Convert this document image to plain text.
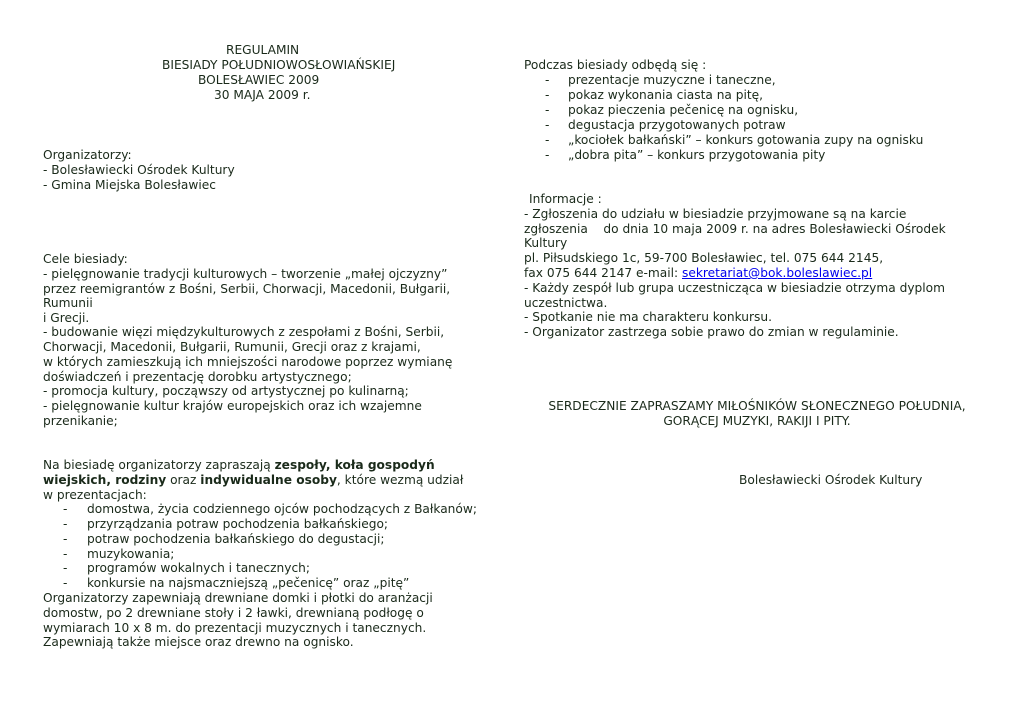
REGULAMIN
BIESIADY POŁUDNIOWOSŁOWIAŃSKIEJ
BOLESŁAWIEC 2009
30 MAJA 2009 r.
Organizatorzy:
- Bolesławiecki Ośrodek Kultury
- Gmina Miejska Bolesławiec
Cele biesiady:
- pielęgnowanie tradycji kulturowych – tworzenie „małej ojczyzny”
przez reemigrantów z Bośni, Serbii, Chorwacji, Macedonii, Bułgarii,
Rumunii
i Grecji.
- budowanie więzi międzykulturowych z zespołami z Bośni, Serbii,
Chorwacji, Macedonii, Bułgarii, Rumunii, Grecji oraz z krajami,
w których zamieszkują ich mniejszości narodowe poprzez wymianę
doświadczeń i prezentację dorobku artystycznego;
- promocja kultury, począwszy od artystycznej po kulinarną;
- pielęgnowanie kultur krajów europejskich oraz ich wzajemne
przenikanie;
Na biesiadę organizatorzy zapraszają zespoły, koła gospodyń
wiejskich, rodziny oraz indywidualne osoby, które wezmą udział
w prezentacjach:
- domostwa, życia codziennego ojców pochodzących z Bałkanów;
- przyrządzania potraw pochodzenia bałkańskiego;
- potraw pochodzenia bałkańskiego do degustacji;
- muzykowania;
- programów wokalnych i tanecznych;
- konkursie na najsmaczniejszą „pečenicę” oraz „pitę”
Organizatorzy zapewniają drewniane domki i płotki do aranżacji
domostw, po 2 drewniane stoły i 2 ławki, drewnianą podłogę o
wymiarach 10 x 8 m. do prezentacji muzycznych i tanecznych.
Zapewniają także miejsce oraz drewno na ognisko.
Podczas biesiady odbędą się :
- prezentacje muzyczne i taneczne,
- pokaz wykonania ciasta na pitę,
- pokaz pieczenia pečenicę na ognisku,
- degustacja przygotowanych potraw
- „kociołek bałkański” – konkurs gotowania zupy na ognisku
- „dobra pita” – konkurs przygotowania pity
Informacje :
- Zgłoszenia do udziału w biesiadzie przyjmowane są na karcie
zgłoszenia    do dnia 10 maja 2009 r. na adres Bolesławiecki Ośrodek
Kultury
pl. Piłsudskiego 1c, 59-700 Bolesławiec, tel. 075 644 2145,
fax 075 644 2147 e-mail: sekretariat@bok.boleslawiec.pl
- Każdy zespół lub grupa uczestnicząca w biesiadzie otrzyma dyplom
uczestnictwa.
- Spotkanie nie ma charakteru konkursu.
- Organizator zastrzega sobie prawo do zmian w regulaminie.
SERDECZNIE ZAPRASZAMY MIŁOŚNIKÓW SŁONECZNEGO POŁUDNIA,
GORĄCEJ MUZYKI, RAKIJI I PITY.
Bolesławiecki Ośrodek Kultury
